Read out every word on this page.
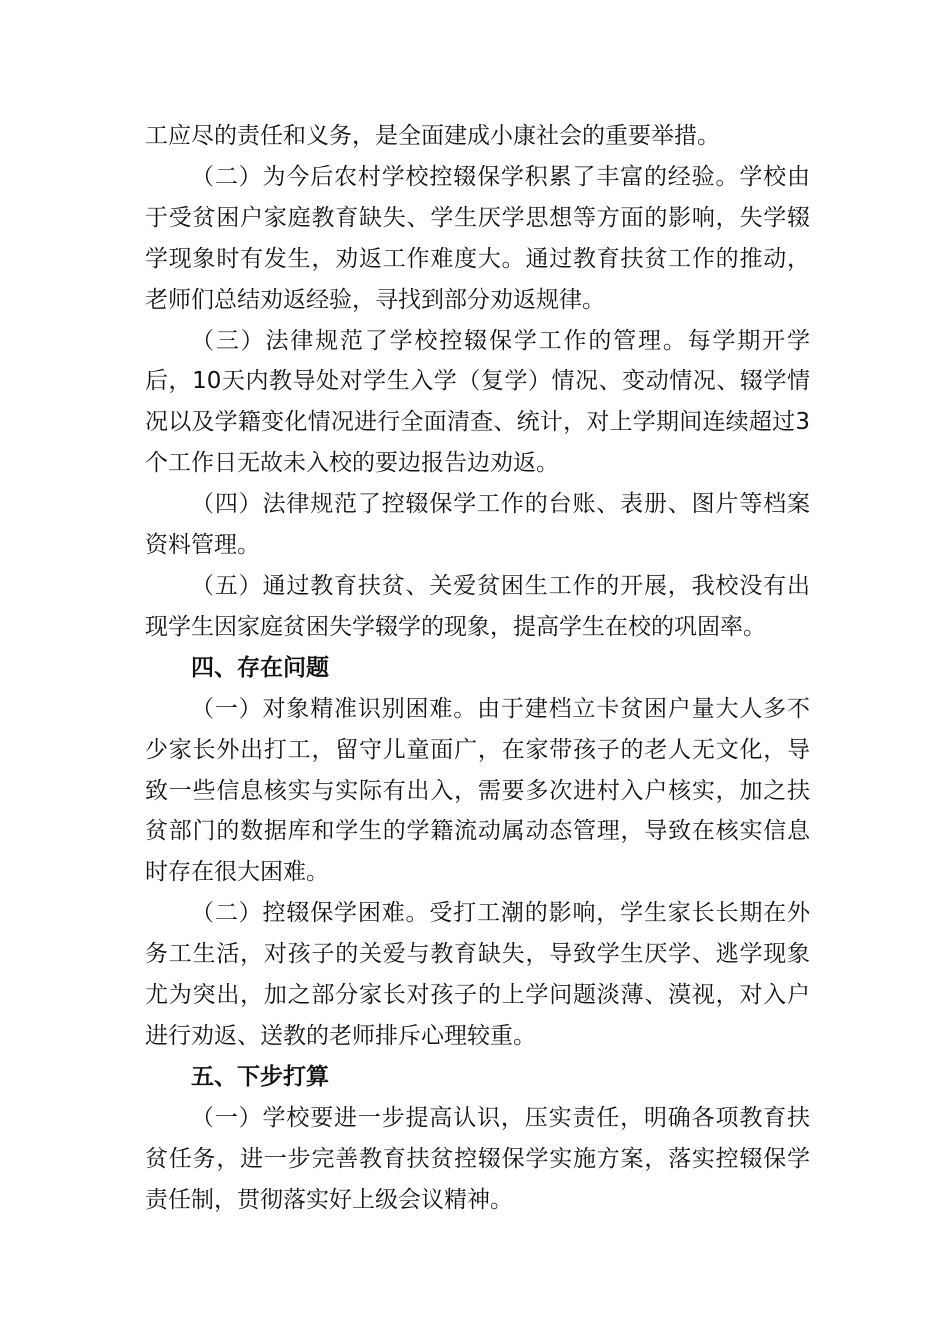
工应尽的责任和义务，是全面建成小康社会的重要举措。

（二）为今后农村学校控辍保学积累了丰富的经验。学校由于受贫困户家庭教育缺失、学生厌学思想等方面的影响，失学辍学现象时有发生，劝返工作难度大。通过教育扶贫工作的推动，老师们总结劝返经验，寻找到部分劝返规律。

（三）法律规范了学校控辍保学工作的管理。每学期开学后，10天内教导处对学生入学（复学）情况、变动情况、辍学情况以及学籍变化情况进行全面清查、统计，对上学期间连续超过3个工作日无故未入校的要边报告边劝返。

（四）法律规范了控辍保学工作的台账、表册、图片等档案资料管理。

（五）通过教育扶贫、关爱贫困生工作的开展，我校没有出现学生因家庭贫困失学辍学的现象，提高学生在校的巩固率。

四、存在问题

（一）对象精准识别困难。由于建档立卡贫困户量大人多不少家长外出打工，留守儿童面广，在家带孩子的老人无文化，导致一些信息核实与实际有出入，需要多次进村入户核实，加之扶贫部门的数据库和学生的学籍流动属动态管理，导致在核实信息时存在很大困难。

（二）控辍保学困难。受打工潮的影响，学生家长长期在外务工生活，对孩子的关爱与教育缺失，导致学生厌学、逃学现象尤为突出，加之部分家长对孩子的上学问题淡薄、漠视，对入户进行劝返、送教的老师排斥心理较重。

五、下步打算

（一）学校要进一步提高认识，压实责任，明确各项教育扶贫任务，进一步完善教育扶贫控辍保学实施方案，落实控辍保学责任制，贯彻落实好上级会议精神。
